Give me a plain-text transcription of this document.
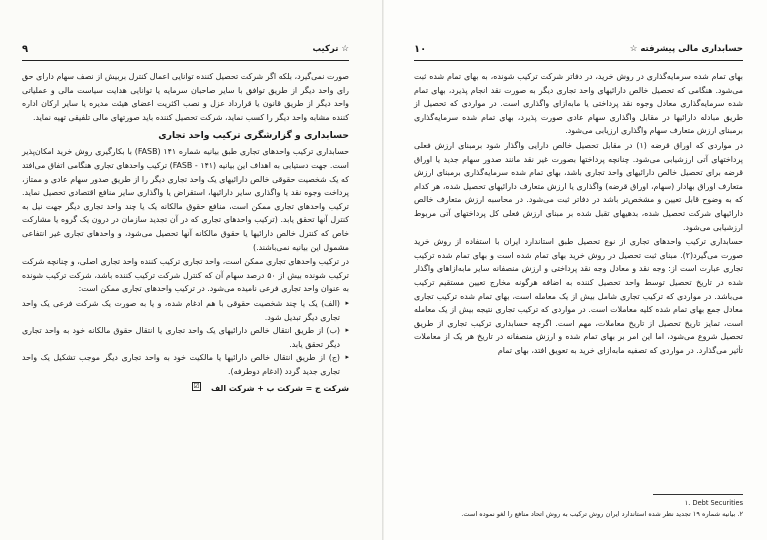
☆ ترکیب
۹

صورت نمی‌گیرد، بلکه اگر شرکت تحصیل کننده توانایی اعمال کنترل بربیش از نصف سهام دارای حق رای واحد دیگر از طریق توافق با سایر صاحبان سرمایه یا توانایی هدایت سیاست مالی و عملیاتی واحد دیگر از طریق قانون یا قرارداد عزل و نصب اکثریت اعضای هیئت مدیره یا سایر ارکان اداره کننده مشابه واحد دیگر را کسب نماید، شرکت تحصیل کننده باید صورتهای مالی تلفیقی تهیه نماید.

حسابداری و گزارشگری ترکیب واحد تجاری

حسابداری ترکیب واحدهای تجاری طبق بیانیه شماره ۱۴۱ (FASB) با بکارگیری روش خرید امکان‌پذیر است. جهت دستیابی به اهداف این بیانیه (۱۴۱ - FASB) ترکیب واحدهای تجاری هنگامی اتفاق می‌افتد که یک شخصیت حقوقی خالص دارائیهای یک واحد تجاری دیگر را از طریق صدور سهام عادی و ممتاز، پرداخت وجوه نقد یا واگذاری سایر دارائیها، استقراض یا واگذاری سایر منافع اقتصادی تحصیل نماید. ترکیب واحدهای تجاری ممکن است، منافع حقوق مالکانه یک یا چند واحد تجاری دیگر جهت نیل به کنترل آنها تحقق یابد. (ترکیب واحدهای تجاری که در آن تجدید سازمان در درون یک گروه یا مشارکت خاص که کنترل خالص دارائیها یا حقوق مالکانه آنها تحصیل می‌شود، و واحدهای تجاری غیر انتفاعی مشمول این بیانیه نمی‌باشند.)

در ترکیب واحدهای تجاری ممکن است، واحد تجاری ترکیب کننده واحد تجاری اصلی، و چنانچه شرکت ترکیب شونده بیش از ۵۰ درصد سهام آن که کنترل شرکت ترکیب کننده باشد، شرکت ترکیب شونده به عنوان واحد تجاری فرعی نامیده می‌شود. در ترکیب واحدهای تجاری ممکن است:

▸ (الف) یک یا چند شخصیت حقوقی با هم ادغام شده، و یا به صورت یک شرکت فرعی یک واحد تجاری دیگر تبدیل شود.
▸ (ب) از طریق انتقال خالص دارائیهای یک واحد تجاری یا انتقال حقوق مالکانه خود به واحد تجاری دیگر تحقق یابد.
▸ (ج) از طریق انتقال خالص دارائیها یا مالکیت خود به واحد تجاری دیگر موجب تشکیل یک واحد تجاری جدید گردد (ادغام دوطرفه).
شرکت ج = شرکت ب + شرکت الف
☑
حسابداری مالی پیشرفته ☆
۱۰

بهای تمام شده سرمایه‌گذاری در روش خرید، در دفاتر شرکت ترکیب شونده، به بهای تمام شده ثبت می‌شود. هنگامی که تحصیل خالص دارائیهای واحد تجاری دیگر به صورت نقد انجام پذیرد، بهای تمام شده سرمایه‌گذاری معادل وجوه نقد پرداختی یا مابه‌ازای واگذاری است. در مواردی که تحصیل از طریق مبادله دارائیها در مقابل واگذاری سهام عادی صورت پذیرد، بهای تمام شده سرمایه‌گذاری برمبنای ارزش متعارف سهام واگذاری ارزیابی می‌شود.

در مواردی که اوراق قرضه (۱) در مقابل تحصیل خالص دارایی واگذار شود برمبنای ارزش فعلی پرداختهای آتی ارزشیابی می‌شود. چنانچه پرداختها بصورت غیر نقد مانند صدور سهام جدید یا اوراق قرضه برای تحصیل خالص دارائیهای واحد تجاری باشد، بهای تمام شده سرمایه‌گذاری برمبنای ارزش متعارف اوراق بهادار (سهام، اوراق قرضه) واگذاری یا ارزش متعارف دارائیهای تحصیل شده، هر کدام که به وضوح قابل تعیین و مشخص‌تر باشد در دفاتر ثبت می‌شود. در محاسبه ارزش متعارف خالص دارائیهای شرکت تحصیل شده، بدهیهای تقبل شده بر مبنای ارزش فعلی کل پرداختهای آتی مربوط ارزشیابی می‌شود.

حسابداری ترکیب واحدهای تجاری از نوع تحصیل طبق استاندارد ایران با استفاده از روش خرید صورت می‌گیرد(۲). مبنای ثبت تحصیل در روش خرید بهای تمام شده است و بهای تمام شده ترکیب تجاری عبارت است از: وجه نقد و معادل وجه نقد پرداختی و ارزش منصفانه سایر مابه‌ازاهای واگذار شده در تاریخ تحصیل توسط واحد تحصیل کننده به اضافه هرگونه مخارج تعیین مستقیم ترکیب می‌باشد. در مواردی که ترکیب تجاری شامل بیش از یک معامله است، بهای تمام شده ترکیب تجاری معادل جمع بهای تمام شده کلیه معاملات است. در مواردی که ترکیب تجاری نتیجه بیش از یک معامله است، تمایز تاریخ تحصیل از تاریخ معاملات، مهم است. اگرچه حسابداری ترکیب تجاری از طریق تحصیل شروع می‌شود، اما این امر بر بهای تمام شده و ارزش منصفانه در تاریخ هر یک از معاملات تأثیر می‌گذارد. در مواردی که تصفیه مابه‌ازای خرید به تعویق افتد، بهای تمام

۱. Debt Securities
۲. بیانیه شماره ۱۹ تجدید نظر شده استاندارد ایران روش ترکیب به روش اتحاد منافع را لغو نموده است.
